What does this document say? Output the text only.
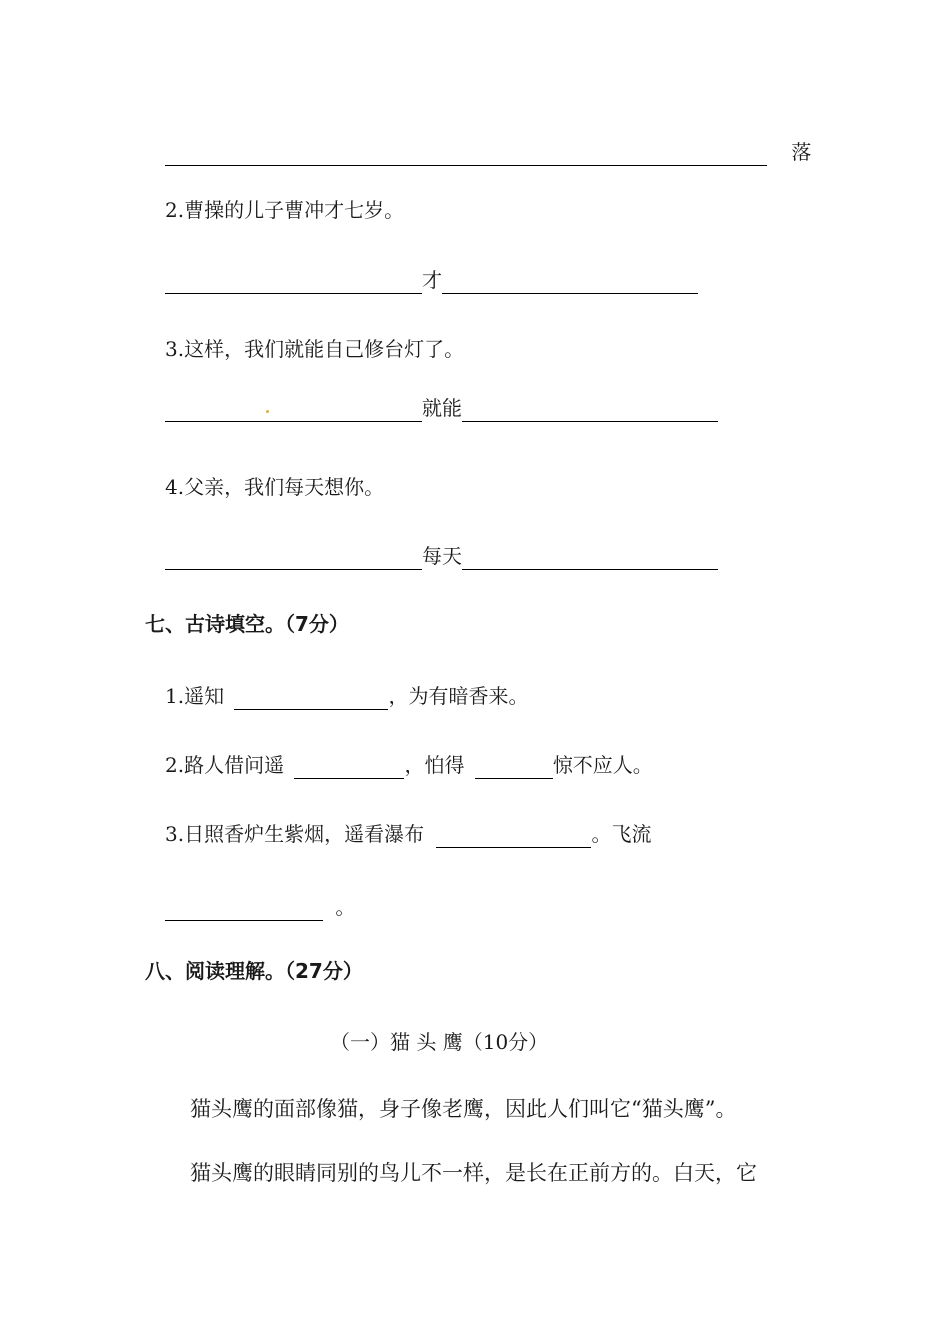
落
2.曹操的儿子曹冲才七岁。
才
3.这样，我们就能自己修台灯了。
就能
4.父亲，我们每天想你。
每天
七、古诗填空。（7分）
1.遥知	，为有暗香来。
2.路人借问遥	，怕得	惊不应人。
3.日照香炉生紫烟，遥看瀑布	。飞流
。
八、阅读理解。（27分）
（一）猫 头 鹰（10分）
猫头鹰的面部像猫，身子像老鹰，因此人们叫它“猫头鹰”。
猫头鹰的眼睛同别的鸟儿不一样，是长在正前方的。白天，它
